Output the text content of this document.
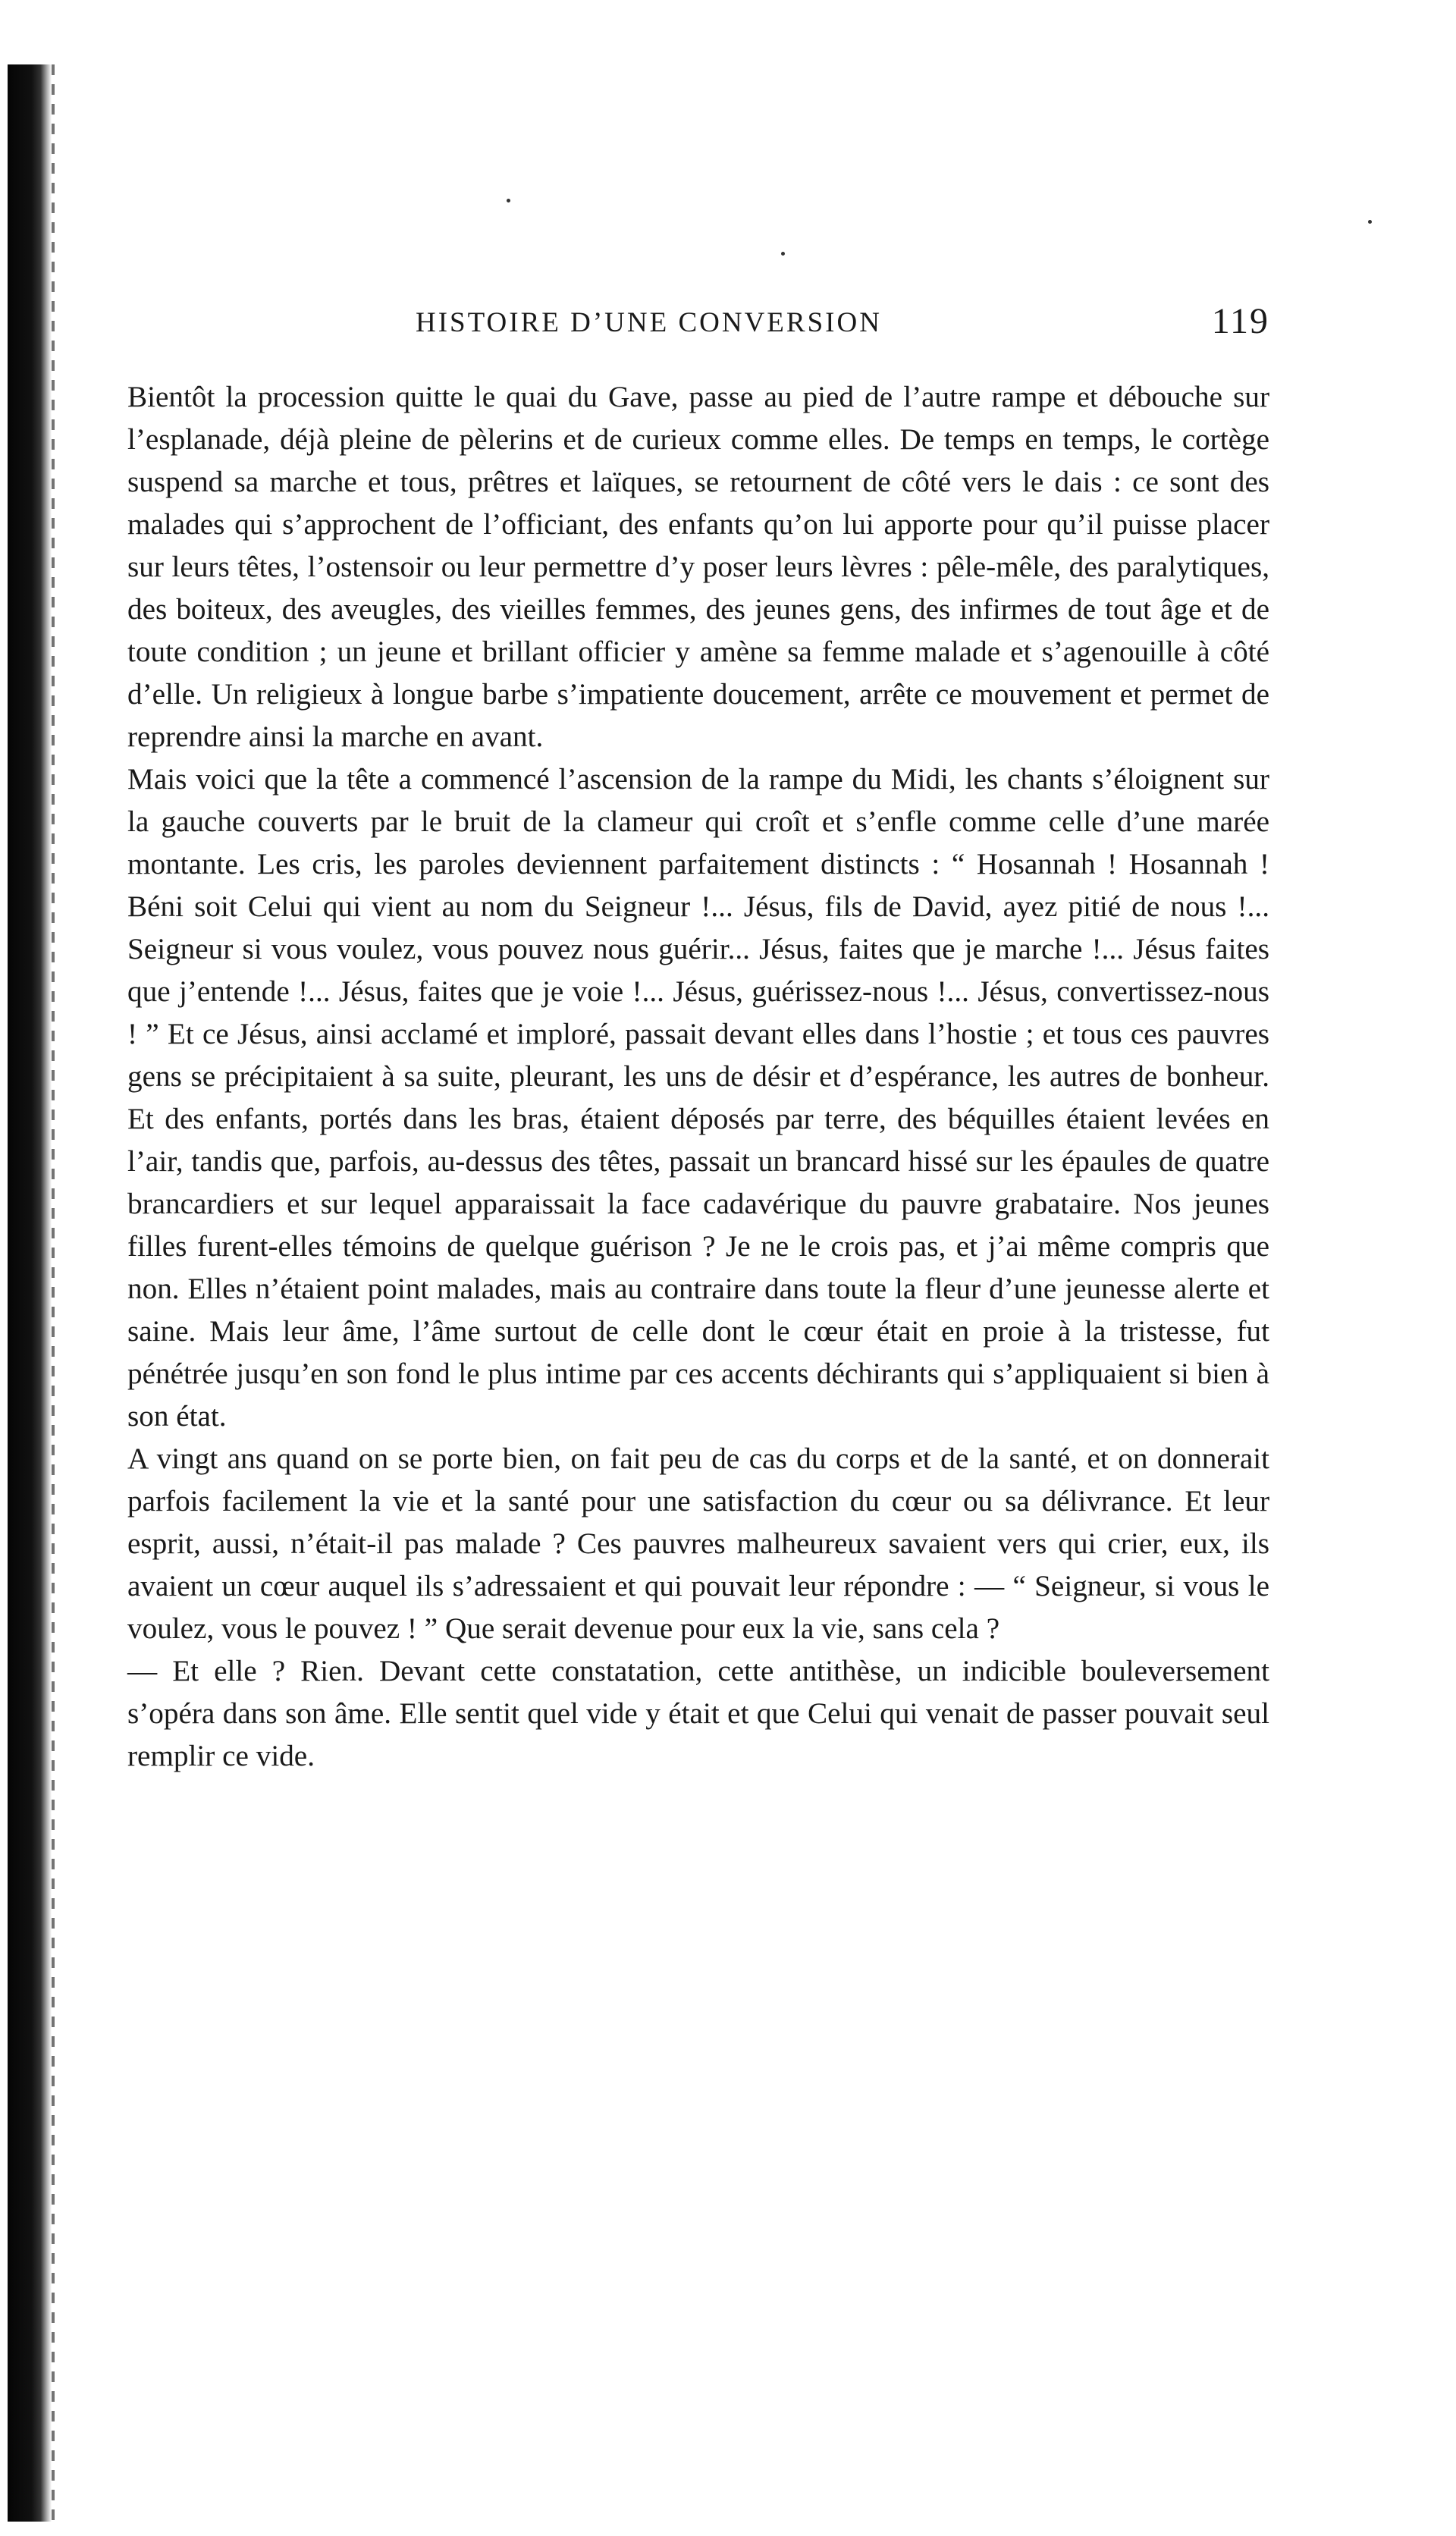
HISTOIRE D’UNE CONVERSION	119

Bientôt la procession quitte le quai du Gave, passe au pied de l’autre rampe et débouche sur l’esplanade, déjà pleine de pèlerins et de curieux comme elles. De temps en temps, le cortège suspend sa marche et tous, prêtres et laïques, se retournent de côté vers le dais : ce sont des malades qui s’approchent de l’officiant, des enfants qu’on lui apporte pour qu’il puisse placer sur leurs têtes, l’ostensoir ou leur permettre d’y poser leurs lèvres : pêle-mêle, des paralytiques, des boiteux, des aveugles, des vieilles femmes, des jeunes gens, des infirmes de tout âge et de toute condition ; un jeune et brillant officier y amène sa femme malade et s’agenouille à côté d’elle. Un religieux à longue barbe s’impatiente doucement, arrête ce mouvement et permet de reprendre ainsi la marche en avant.

Mais voici que la tête a commencé l’ascension de la rampe du Midi, les chants s’éloignent sur la gauche couverts par le bruit de la clameur qui croît et s’enfle comme celle d’une marée montante. Les cris, les paroles deviennent parfaitement distincts : “ Hosannah ! Hosannah ! Béni soit Celui qui vient au nom du Seigneur !... Jésus, fils de David, ayez pitié de nous !... Seigneur si vous voulez, vous pouvez nous guérir... Jésus, faites que je marche !... Jésus faites que j’entende !... Jésus, faites que je voie !... Jésus, guérissez-nous !... Jésus, convertissez-nous ! ” Et ce Jésus, ainsi acclamé et imploré, passait devant elles dans l’hostie ; et tous ces pauvres gens se précipitaient à sa suite, pleurant, les uns de désir et d’espérance, les autres de bonheur. Et des enfants, portés dans les bras, étaient déposés par terre, des béquilles étaient levées en l’air, tandis que, parfois, au-dessus des têtes, passait un brancard hissé sur les épaules de quatre brancardiers et sur lequel apparaissait la face cadavérique du pauvre grabataire. Nos jeunes filles furent-elles témoins de quelque guérison ? Je ne le crois pas, et j’ai même compris que non. Elles n’étaient point malades, mais au contraire dans toute la fleur d’une jeunesse alerte et saine. Mais leur âme, l’âme surtout de celle dont le cœur était en proie à la tristesse, fut pénétrée jusqu’en son fond le plus intime par ces accents déchirants qui s’appliquaient si bien à son état.

A vingt ans quand on se porte bien, on fait peu de cas du corps et de la santé, et on donnerait parfois facilement la vie et la santé pour une satisfaction du cœur ou sa délivrance. Et leur esprit, aussi, n’était-il pas malade ? Ces pauvres malheureux savaient vers qui crier, eux, ils avaient un cœur auquel ils s’adressaient et qui pouvait leur répondre : — “ Seigneur, si vous le voulez, vous le pouvez ! ” Que serait devenue pour eux la vie, sans cela ?

— Et elle ? Rien. Devant cette constatation, cette antithèse, un indicible bouleversement s’opéra dans son âme. Elle sentit quel vide y était et que Celui qui venait de passer pouvait seul remplir ce vide.
